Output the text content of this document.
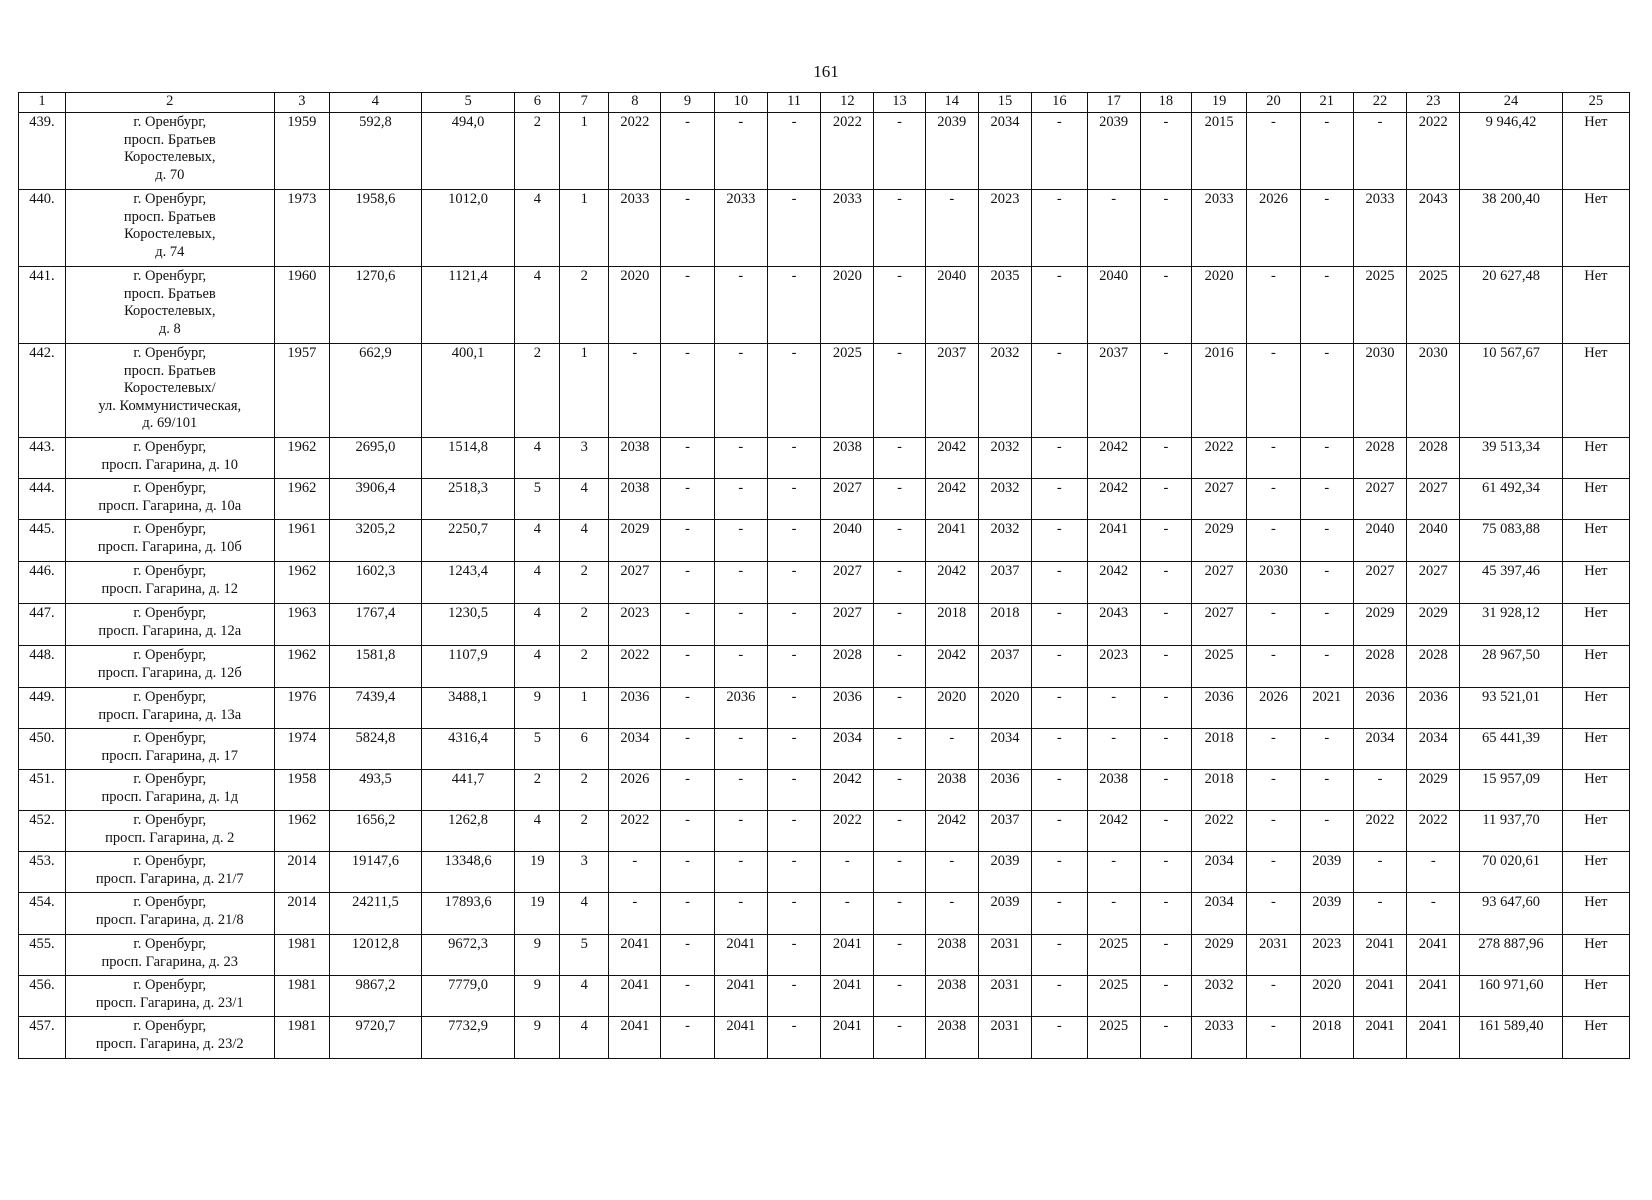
161
1	2	3	4	5	6	7	8	9	10	11	12	13	14	15	16	17	18	19	20	21	22	23	24	25
439.	г. Оренбург,
просп. Братьев
Коростелевых,
д. 70	1959	592,8	494,0	2	1	2022	-	-	-	2022	-	2039	2034	-	2039	-	2015	-	-	-	2022	9 946,42	Нет
440.	г. Оренбург,
просп. Братьев
Коростелевых,
д. 74	1973	1958,6	1012,0	4	1	2033	-	2033	-	2033	-	-	2023	-	-	-	2033	2026	-	2033	2043	38 200,40	Нет
441.	г. Оренбург,
просп. Братьев
Коростелевых,
д. 8	1960	1270,6	1121,4	4	2	2020	-	-	-	2020	-	2040	2035	-	2040	-	2020	-	-	2025	2025	20 627,48	Нет
442.	г. Оренбург,
просп. Братьев
Коростелевых/
ул. Коммунистическая,
д. 69/101	1957	662,9	400,1	2	1	-	-	-	-	2025	-	2037	2032	-	2037	-	2016	-	-	2030	2030	10 567,67	Нет
443.	г. Оренбург,
просп. Гагарина, д. 10	1962	2695,0	1514,8	4	3	2038	-	-	-	2038	-	2042	2032	-	2042	-	2022	-	-	2028	2028	39 513,34	Нет
444.	г. Оренбург,
просп. Гагарина, д. 10а	1962	3906,4	2518,3	5	4	2038	-	-	-	2027	-	2042	2032	-	2042	-	2027	-	-	2027	2027	61 492,34	Нет
445.	г. Оренбург,
просп. Гагарина, д. 10б	1961	3205,2	2250,7	4	4	2029	-	-	-	2040	-	2041	2032	-	2041	-	2029	-	-	2040	2040	75 083,88	Нет
446.	г. Оренбург,
просп. Гагарина, д. 12	1962	1602,3	1243,4	4	2	2027	-	-	-	2027	-	2042	2037	-	2042	-	2027	2030	-	2027	2027	45 397,46	Нет
447.	г. Оренбург,
просп. Гагарина, д. 12а	1963	1767,4	1230,5	4	2	2023	-	-	-	2027	-	2018	2018	-	2043	-	2027	-	-	2029	2029	31 928,12	Нет
448.	г. Оренбург,
просп. Гагарина, д. 12б	1962	1581,8	1107,9	4	2	2022	-	-	-	2028	-	2042	2037	-	2023	-	2025	-	-	2028	2028	28 967,50	Нет
449.	г. Оренбург,
просп. Гагарина, д. 13а	1976	7439,4	3488,1	9	1	2036	-	2036	-	2036	-	2020	2020	-	-	-	2036	2026	2021	2036	2036	93 521,01	Нет
450.	г. Оренбург,
просп. Гагарина, д. 17	1974	5824,8	4316,4	5	6	2034	-	-	-	2034	-	-	2034	-	-	-	2018	-	-	2034	2034	65 441,39	Нет
451.	г. Оренбург,
просп. Гагарина, д. 1д	1958	493,5	441,7	2	2	2026	-	-	-	2042	-	2038	2036	-	2038	-	2018	-	-	-	2029	15 957,09	Нет
452.	г. Оренбург,
просп. Гагарина, д. 2	1962	1656,2	1262,8	4	2	2022	-	-	-	2022	-	2042	2037	-	2042	-	2022	-	-	2022	2022	11 937,70	Нет
453.	г. Оренбург,
просп. Гагарина, д. 21/7	2014	19147,6	13348,6	19	3	-	-	-	-	-	-	-	2039	-	-	-	2034	-	2039	-	-	70 020,61	Нет
454.	г. Оренбург,
просп. Гагарина, д. 21/8	2014	24211,5	17893,6	19	4	-	-	-	-	-	-	-	2039	-	-	-	2034	-	2039	-	-	93 647,60	Нет
455.	г. Оренбург,
просп. Гагарина, д. 23	1981	12012,8	9672,3	9	5	2041	-	2041	-	2041	-	2038	2031	-	2025	-	2029	2031	2023	2041	2041	278 887,96	Нет
456.	г. Оренбург,
просп. Гагарина, д. 23/1	1981	9867,2	7779,0	9	4	2041	-	2041	-	2041	-	2038	2031	-	2025	-	2032	-	2020	2041	2041	160 971,60	Нет
457.	г. Оренбург,
просп. Гагарина, д. 23/2	1981	9720,7	7732,9	9	4	2041	-	2041	-	2041	-	2038	2031	-	2025	-	2033	-	2018	2041	2041	161 589,40	Нет
